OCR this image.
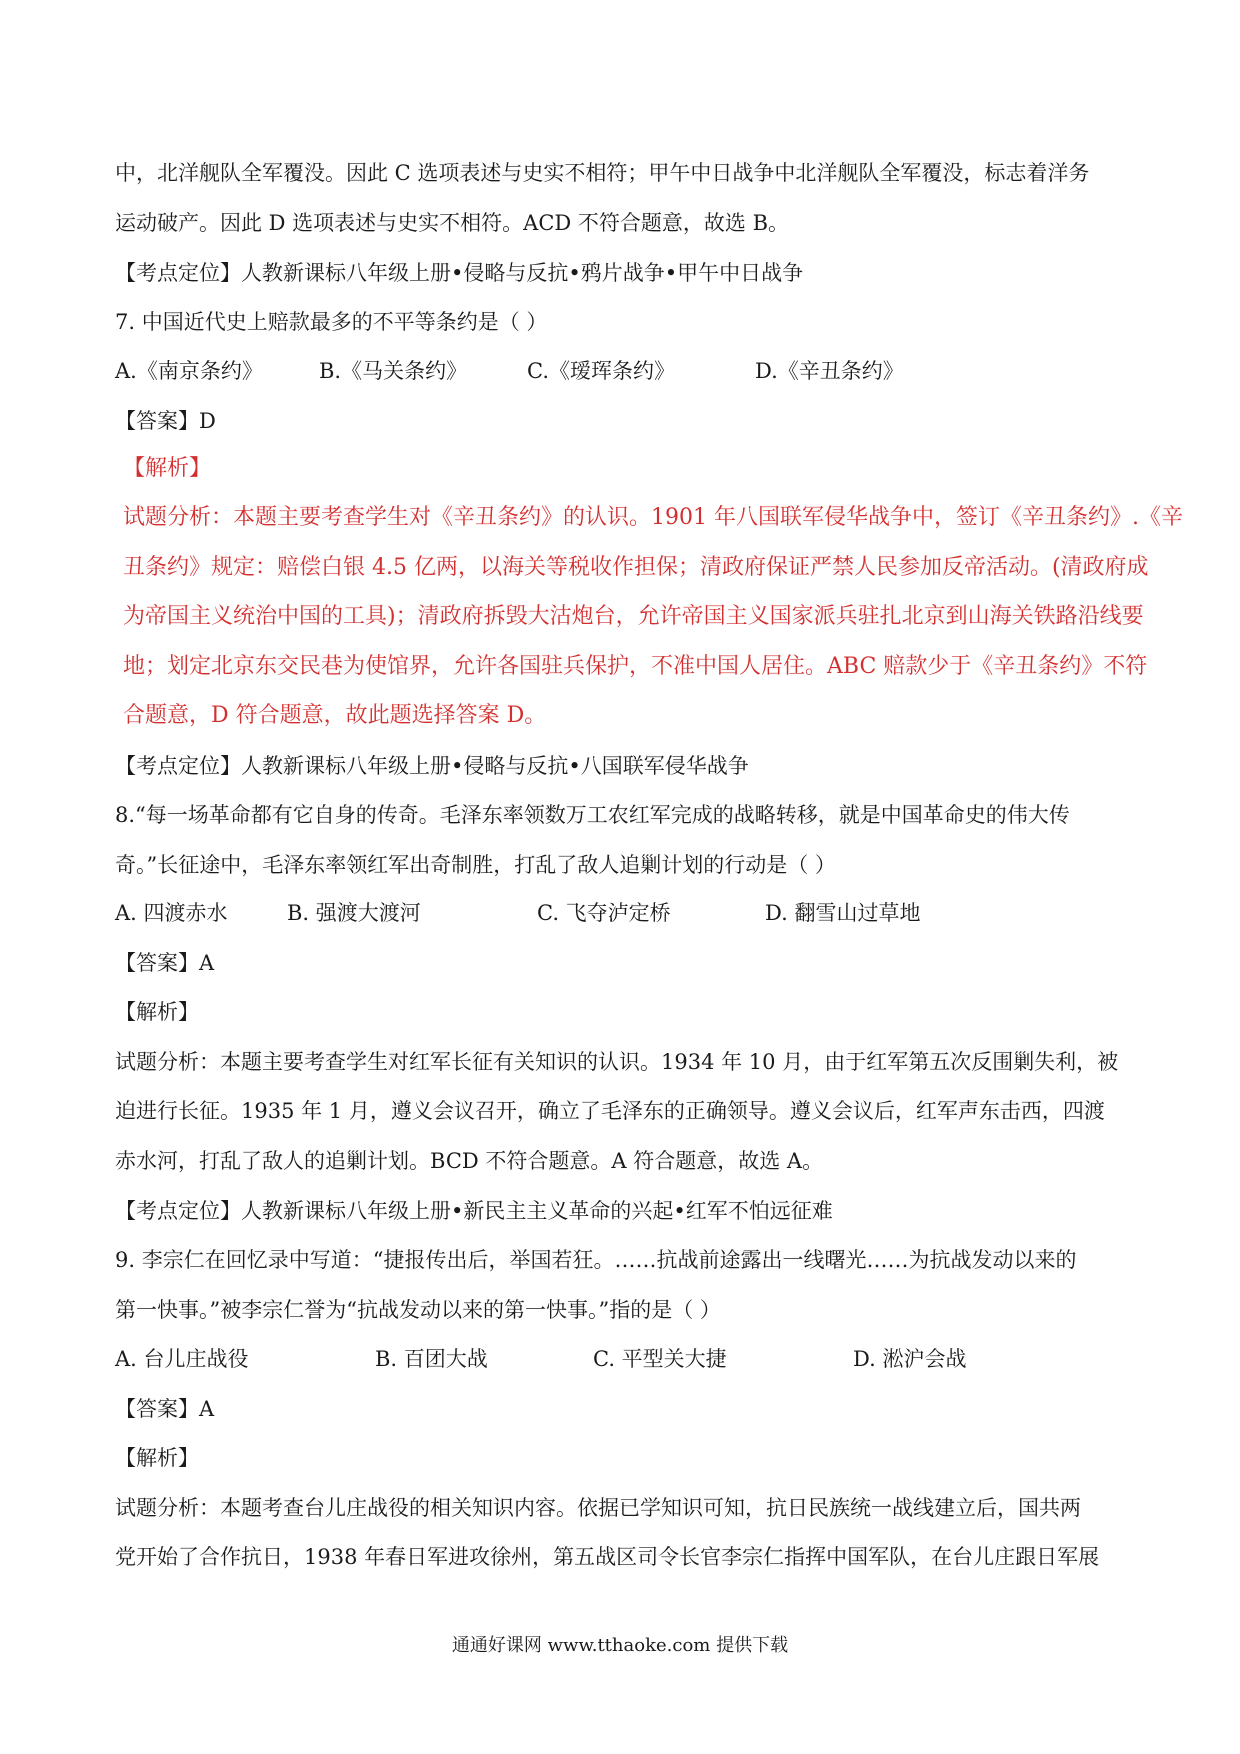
中，北洋舰队全军覆没。因此 C 选项表述与史实不相符；甲午中日战争中北洋舰队全军覆没，标志着洋务
运动破产。因此 D 选项表述与史实不相符。ACD 不符合题意，故选 B。
【考点定位】人教新课标八年级上册•侵略与反抗•鸦片战争•甲午中日战争
7. 中国近代史上赔款最多的不平等条约是（ ）
A.《南京条约》	B.《马关条约》	C.《瑷珲条约》	D.《辛丑条约》
【答案】D
【解析】
试题分析：本题主要考查学生对《辛丑条约》的认识。1901 年八国联军侵华战争中，签订《辛丑条约》.《辛
丑条约》规定：赔偿白银 4.5 亿两，以海关等税收作担保；清政府保证严禁人民参加反帝活动。(清政府成
为帝国主义统治中国的工具)；清政府拆毁大沽炮台，允许帝国主义国家派兵驻扎北京到山海关铁路沿线要
地；划定北京东交民巷为使馆界，允许各国驻兵保护，不准中国人居住。ABC 赔款少于《辛丑条约》不符
合题意，D 符合题意，故此题选择答案 D。
【考点定位】人教新课标八年级上册•侵略与反抗•八国联军侵华战争
8.“每一场革命都有它自身的传奇。毛泽东率领数万工农红军完成的战略转移，就是中国革命史的伟大传
奇。”长征途中，毛泽东率领红军出奇制胜，打乱了敌人追剿计划的行动是（ ）
A. 四渡赤水	B. 强渡大渡河	C. 飞夺泸定桥	D. 翻雪山过草地
【答案】A
【解析】
试题分析：本题主要考查学生对红军长征有关知识的认识。1934 年 10 月，由于红军第五次反围剿失利，被
迫进行长征。1935 年 1 月，遵义会议召开，确立了毛泽东的正确领导。遵义会议后，红军声东击西，四渡
赤水河，打乱了敌人的追剿计划。BCD 不符合题意。A 符合题意，故选 A。
【考点定位】人教新课标八年级上册•新民主主义革命的兴起•红军不怕远征难
9. 李宗仁在回忆录中写道：“捷报传出后，举国若狂。……抗战前途露出一线曙光……为抗战发动以来的
第一快事。”被李宗仁誉为“抗战发动以来的第一快事。”指的是（ ）
A. 台儿庄战役	B. 百团大战	C. 平型关大捷	D. 淞沪会战
【答案】A
【解析】
试题分析：本题考查台儿庄战役的相关知识内容。依据已学知识可知，抗日民族统一战线建立后，国共两
党开始了合作抗日，1938 年春日军进攻徐州，第五战区司令长官李宗仁指挥中国军队，在台儿庄跟日军展
通通好课网 www.tthaoke.com 提供下载
